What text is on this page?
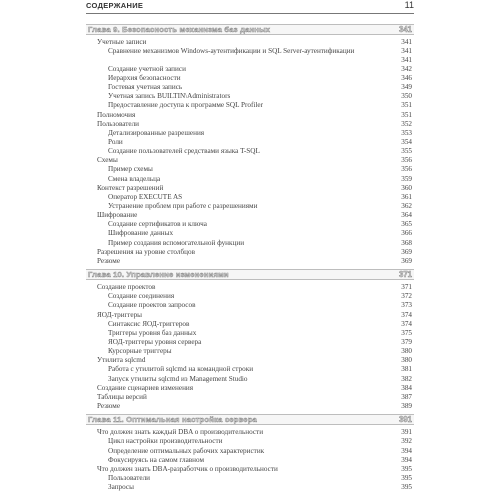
СОДЕРЖАНИЕ	11
Глава 9. Безопасность механизма баз данных	341
Учетные записи	341
Сравнение механизмов Windows-аутентификации и SQL Server-аутентификации	341
341
Создание учетной записи	342
Иерархия безопасности	346
Гостевая учетная запись	349
Учетная запись BUILTIN\Administrators	350
Предоставление доступа к программе SQL Profiler	351
Полномочия	351
Пользователи	352
Детализированные разрешения	353
Роли	354
Создание пользователей средствами языка T-SQL	355
Схемы	356
Пример схемы	356
Смена владельца	359
Контекст разрешений	360
Оператор EXECUTE AS	361
Устранение проблем при работе с разрешениями	362
Шифрование	364
Создание сертификатов и ключа	365
Шифрование данных	366
Пример создания вспомогательной функции	368
Разрешения на уровне столбцов	369
Резюме	369
Глава 10. Управление изменениями	371
Создание проектов	371
Создание соединения	372
Создание проектов запросов	373
ЯОД-триггеры	374
Синтаксис ЯОД-триггеров	374
Триггеры уровня баз данных	375
ЯОД-триггеры уровня сервера	379
Курсорные триггеры	380
Утилита sqlcmd	380
Работа с утилитой sqlcmd на командной строки	381
Запуск утилиты sqlcmd из Management Studio	382
Создание сценариев изменения	384
Таблицы версий	387
Резюме	389
Глава 11. Оптимальная настройка сервера	391
Что должен знать каждый DBA о производительности	391
Цикл настройки производительности	392
Определение оптимальных рабочих характеристик	394
Фокусируясь на самом главном	394
Что должен знать DBA-разработчик о производительности	395
Пользователи	395
Запросы	395
